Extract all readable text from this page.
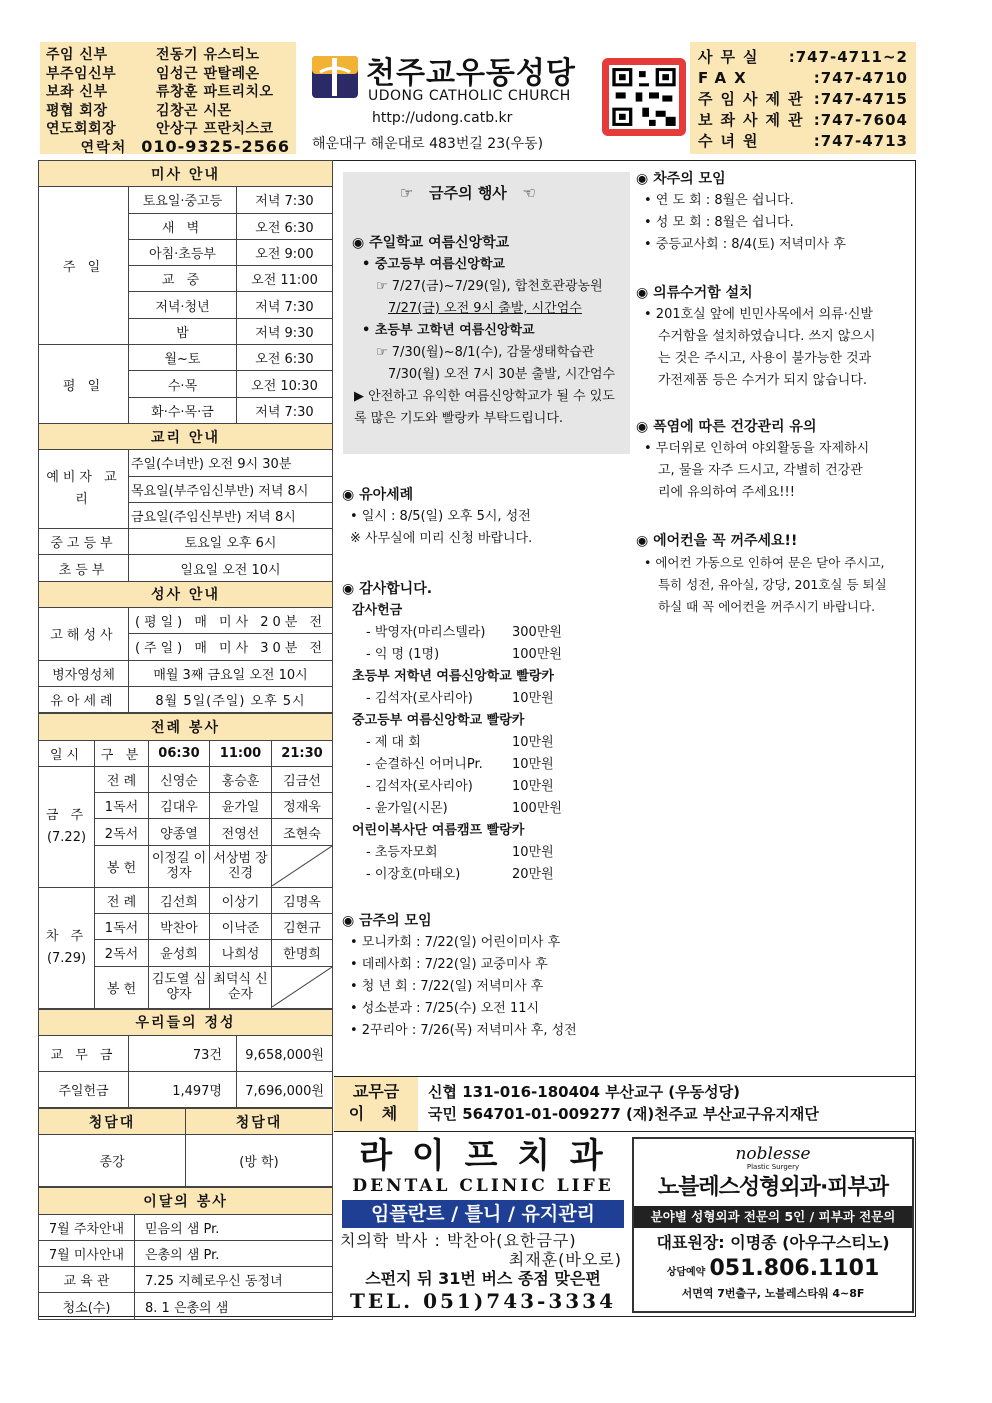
주임 신부	전동기 유스티노
부주임신부	임성근 판탈레온
보좌 신부	류창훈 파트리치오
평협 회장	김창곤 시몬
연도회회장	안상구 프란치스코
연락처 010-9325-2566
천주교우동성당
UDONG CATHOLIC CHURCH
http://udong.catb.kr
해운대구 해운대로 483번길 23(우동)
사무실	: 747-4711~2
FAX	: 747-4710
주임사제관 : 747-4715
보좌사제관 : 747-7604
수녀원	: 747-4713
미사 안내		
주 일	토요일·중고등	저녁 7:30
	새 벽	오전 6:30
	아침·초등부	오전 9:00
	교 중	오전 11:00
	저녁·청년	저녁 7:30
	밤	저녁 9:30
평 일	월~토	오전 6:30
	수·목	오전 10:30
	화·수·목·금	저녁 7:30
교리 안내		
예비자 교리	주일(수녀반) 오전 9시 30분	
	목요일(부주임신부반) 저녁 8시	
	금요일(주임신부반) 저녁 8시	
중고등부	토요일 오후 6시	
초등부	일요일 오전 10시	
성사 안내		
고해성사	(평일) 매 미사 20분 전	
	(주일) 매 미사 30분 전	
병자영성체	매월 3째 금요일 오전 10시	
유아세례	8월 5일(주일) 오후 5시	
전례 봉사				
일시	구 분	06:30	11:00	21:30

금 주
(7.22)	전 례	신영순	홍승훈	김금선
	1독서	김대우	윤가일	정재욱
	2독서	양종열	전영선	조현숙
	봉 헌	이정길 이정자	서상범 장진경	

차 주
(7.29)	전 례	김선희	이상기	김명옥
	1독서	박찬아	이낙준	김현규
	2독서	윤성희	나희성	한명희
	봉 헌	김도열 심양자	최덕식 신순자	
우리들의 정성		
교 무 금	73건	9,658,000원
주일헌금	1,497명	7,696,000원
청담대	청담대
종강	(방 학)
이달의 봉사	
7월 주차안내	믿음의 샘 Pr.
7월 미사안내	은총의 샘 Pr.
교 육 관	7.25 지혜로우신 동정녀
청소(수)	8. 1 은총의 샘
☞ 금주의 행사 ☜
◉ 주일학교 여름신앙학교
• 중고등부 여름신앙학교
☞ 7/27(금)~7/29(일), 합천호관광농원
7/27(금) 오전 9시 출발, 시간엄수
• 초등부 고학년 여름신앙학교
☞ 7/30(월)~8/1(수), 감물생태학습관
7/30(월) 오전 7시 30분 출발, 시간엄수
▶ 안전하고 유익한 여름신앙학교가 될 수 있도록 많은 기도와 빨랑카 부탁드립니다.
◉ 유아세례
• 일시 : 8/5(일) 오후 5시, 성전
※ 사무실에 미리 신청 바랍니다.
◉ 감사합니다.
감사헌금
- 박영자(마리스텔라)	300만원
- 익 명 (1명)	100만원
초등부 저학년 여름신앙학교 빨랑카
- 김석자(로사리아)	10만원
중고등부 여름신앙학교 빨랑카
- 제 대 회	10만원
- 순결하신 어머니Pr.	10만원
- 김석자(로사리아)	10만원
- 윤가일(시몬)	100만원
어린이복사단 여름캠프 빨랑카
- 초등자모회	10만원
- 이장호(마태오)	20만원
◉ 금주의 모임
• 모니카회 : 7/22(일) 어린이미사 후
• 데레사회 : 7/22(일) 교중미사 후
• 청 년 회 : 7/22(일) 저녁미사 후
• 성소분과 : 7/25(수) 오전 11시
• 2꾸리아 : 7/26(목) 저녁미사 후, 성전
◉ 차주의 모임
• 연 도 회 : 8월은 쉽니다.
• 성 모 회 : 8월은 쉽니다.
• 중등교사회 : 8/4(토) 저녁미사 후
◉ 의류수거함 설치
• 201호실 앞에 빈민사목에서 의류·신발
수거함을 설치하였습니다. 쓰지 않으시
는 것은 주시고, 사용이 불가능한 것과
가전제품 등은 수거가 되지 않습니다.
◉ 폭염에 따른 건강관리 유의
• 무더위로 인하여 야외활동을 자제하시
고, 물을 자주 드시고, 각별히 건강관
리에 유의하여 주세요!!!
◉ 에어컨을 꼭 꺼주세요!!
• 에어컨 가동으로 인하여 문은 닫아 주시고,
특히 성전, 유아실, 강당, 201호실 등 퇴실
하실 때 꼭 에어컨을 꺼주시기 바랍니다.
교무금
이 체
신협 131-016-180404 부산교구 (우동성당)
국민 564701-01-009277 (재)천주교 부산교구유지재단
라 이 프 치 과
DENTAL CLINIC LIFE
임플란트 / 틀니 / 유지관리
치의학 박사 : 박찬아(요한금구)
최재훈(바오로)
스펀지 뒤 31번 버스 종점 맞은편
TEL. 051)743-3334
noblesse
Plastic Surgery
노블레스성형외과·피부과
분야별 성형외과 전문의 5인 / 피부과 전문의
대표원장: 이명종 (아우구스티노)
상담예약 051.806.1101
서면역 7번출구, 노블레스타워 4~8F
